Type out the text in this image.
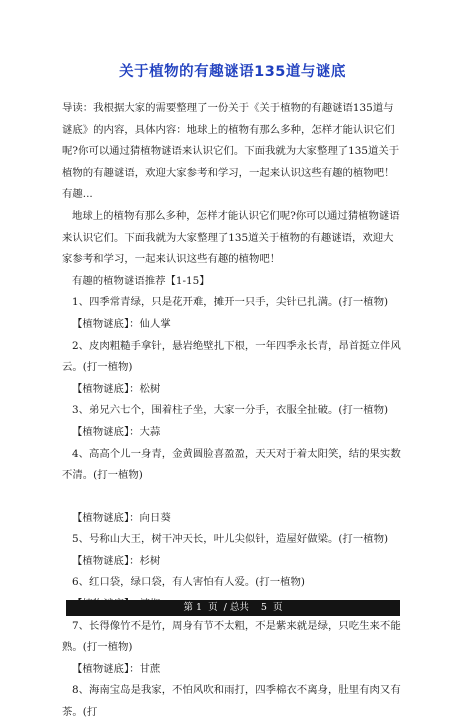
关于植物的有趣谜语135道与谜底

导读：我根据大家的需要整理了一份关于《关于植物的有趣谜语135道与谜底》的内容，具体内容：地球上的植物有那么多种，怎样才能认识它们呢?你可以通过猜植物谜语来认识它们。下面我就为大家整理了135道关于植物的有趣谜语，欢迎大家参考和学习，一起来认识这些有趣的植物吧！有趣...

地球上的植物有那么多种，怎样才能认识它们呢?你可以通过猜植物谜语来认识它们。下面我就为大家整理了135道关于植物的有趣谜语，欢迎大家参考和学习，一起来认识这些有趣的植物吧！

有趣的植物谜语推荐【1-15】

1、四季常青绿，只是花开难，摊开一只手，尖针已扎满。(打一植物)

【植物谜底】：仙人掌

2、皮肉粗糙手拿针，悬岩绝壁扎下根，一年四季永长青，昂首挺立伴风云。(打一植物)

【植物谜底】：松树

3、弟兄六七个，围着柱子坐，大家一分手，衣服全扯破。(打一植物)

【植物谜底】：大蒜

4、高高个儿一身青，金黄圆脸喜盈盈，天天对于着太阳笑，结的果实数不清。(打一植物)

【植物谜底】：向日葵

5、号称山大王，树干冲天长，叶儿尖似针，造屋好做梁。(打一植物)

【植物谜底】：杉树

6、红口袋，绿口袋，有人害怕有人爱。(打一植物)

7、长得像竹不是竹，周身有节不太粗，不是紫来就是绿，只吃生来不能熟。(打一植物)

【植物谜底】：甘蔗

8、海南宝岛是我家，不怕风吹和雨打，四季棉衣不离身，肚里有肉又有茶。(打

第 1  页  / 总共    5  页
